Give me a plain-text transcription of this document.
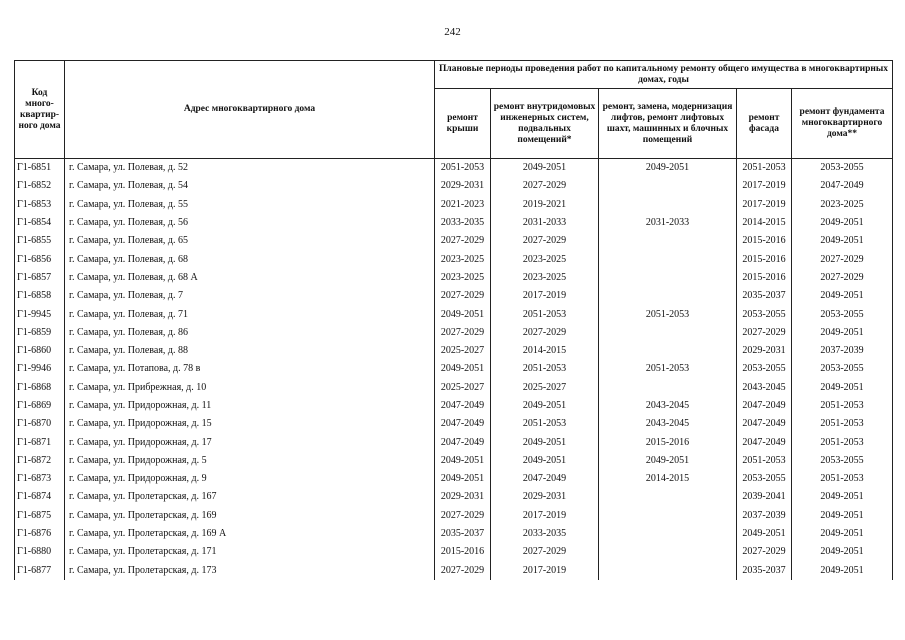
242
Код много-квартир-ного дома	Адрес многоквартирного дома	Плановые периоды проведения работ по капитальному ремонту общего имущества в многоквартирных домах, годы				
		ремонт крыши	ремонт внутридомовых инженерных систем, подвальных помещений*	ремонт, замена, модернизация лифтов, ремонт лифтовых шахт, машинных и блочных помещений	ремонт фасада	ремонт фундамента многоквартирного дома**
Г1-6851	г. Самара, ул. Полевая, д. 52	2051-2053	2049-2051	2049-2051	2051-2053	2053-2055
Г1-6852	г. Самара, ул. Полевая, д. 54	2029-2031	2027-2029		2017-2019	2047-2049
Г1-6853	г. Самара, ул. Полевая, д. 55	2021-2023	2019-2021		2017-2019	2023-2025
Г1-6854	г. Самара, ул. Полевая, д. 56	2033-2035	2031-2033	2031-2033	2014-2015	2049-2051
Г1-6855	г. Самара, ул. Полевая, д. 65	2027-2029	2027-2029		2015-2016	2049-2051
Г1-6856	г. Самара, ул. Полевая, д. 68	2023-2025	2023-2025		2015-2016	2027-2029
Г1-6857	г. Самара, ул. Полевая, д. 68 А	2023-2025	2023-2025		2015-2016	2027-2029
Г1-6858	г. Самара, ул. Полевая, д. 7	2027-2029	2017-2019		2035-2037	2049-2051
Г1-9945	г. Самара, ул. Полевая, д. 71	2049-2051	2051-2053	2051-2053	2053-2055	2053-2055
Г1-6859	г. Самара, ул. Полевая, д. 86	2027-2029	2027-2029		2027-2029	2049-2051
Г1-6860	г. Самара, ул. Полевая, д. 88	2025-2027	2014-2015		2029-2031	2037-2039
Г1-9946	г. Самара, ул. Потапова, д. 78 в	2049-2051	2051-2053	2051-2053	2053-2055	2053-2055
Г1-6868	г. Самара, ул. Прибрежная, д. 10	2025-2027	2025-2027		2043-2045	2049-2051
Г1-6869	г. Самара, ул. Придорожная, д. 11	2047-2049	2049-2051	2043-2045	2047-2049	2051-2053
Г1-6870	г. Самара, ул. Придорожная, д. 15	2047-2049	2051-2053	2043-2045	2047-2049	2051-2053
Г1-6871	г. Самара, ул. Придорожная, д. 17	2047-2049	2049-2051	2015-2016	2047-2049	2051-2053
Г1-6872	г. Самара, ул. Придорожная, д. 5	2049-2051	2049-2051	2049-2051	2051-2053	2053-2055
Г1-6873	г. Самара, ул. Придорожная, д. 9	2049-2051	2047-2049	2014-2015	2053-2055	2051-2053
Г1-6874	г. Самара, ул. Пролетарская, д. 167	2029-2031	2029-2031		2039-2041	2049-2051
Г1-6875	г. Самара, ул. Пролетарская, д. 169	2027-2029	2017-2019		2037-2039	2049-2051
Г1-6876	г. Самара, ул. Пролетарская, д. 169 А	2035-2037	2033-2035		2049-2051	2049-2051
Г1-6880	г. Самара, ул. Пролетарская, д. 171	2015-2016	2027-2029		2027-2029	2049-2051
Г1-6877	г. Самара, ул. Пролетарская, д. 173	2027-2029	2017-2019		2035-2037	2049-2051
